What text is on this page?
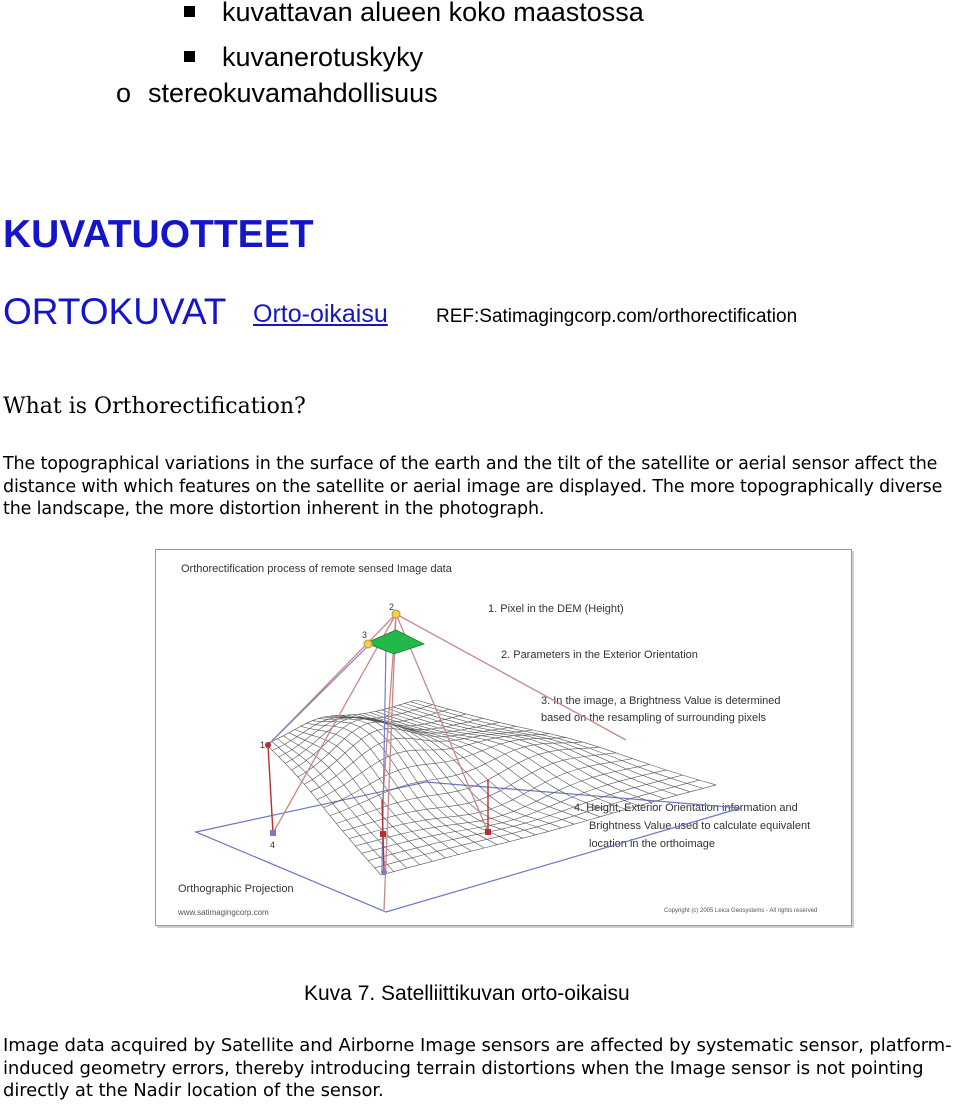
kuvattavan alueen koko maastossa
kuvanerotuskyky
o stereokuvamahdollisuus
KUVATUOTTEET
ORTOKUVAT Orto-oikaisu	REF:Satimagingcorp.com/orthorectification
What is Orthorectification?
The topographical variations in the surface of the earth and the tilt of the satellite or aerial sensor affect the distance with which features on the satellite or aerial image are displayed. The more topographically diverse the landscape, the more distortion inherent in the photograph.
Orthorectification process of remote sensed Image data
1. Pixel in the DEM (Height)
2. Parameters in the Exterior Orientation
3. In the image, a Brightness Value is determined
based on the resampling of surrounding pixels
4. Height, Exterior Orientation information and
Brightness Value used to calculate equivalent
location in the orthoimage
2
3
1
4
Orthographic Projection
www.satimagingcorp.com	Copyright (c) 2005 Leica Geosystems - All rights reserved
Kuva 7. Satelliittikuvan orto-oikaisu
Image data acquired by Satellite and Airborne Image sensors are affected by systematic sensor, platform-induced geometry errors, thereby introducing terrain distortions when the Image sensor is not pointing directly at the Nadir location of the sensor.
